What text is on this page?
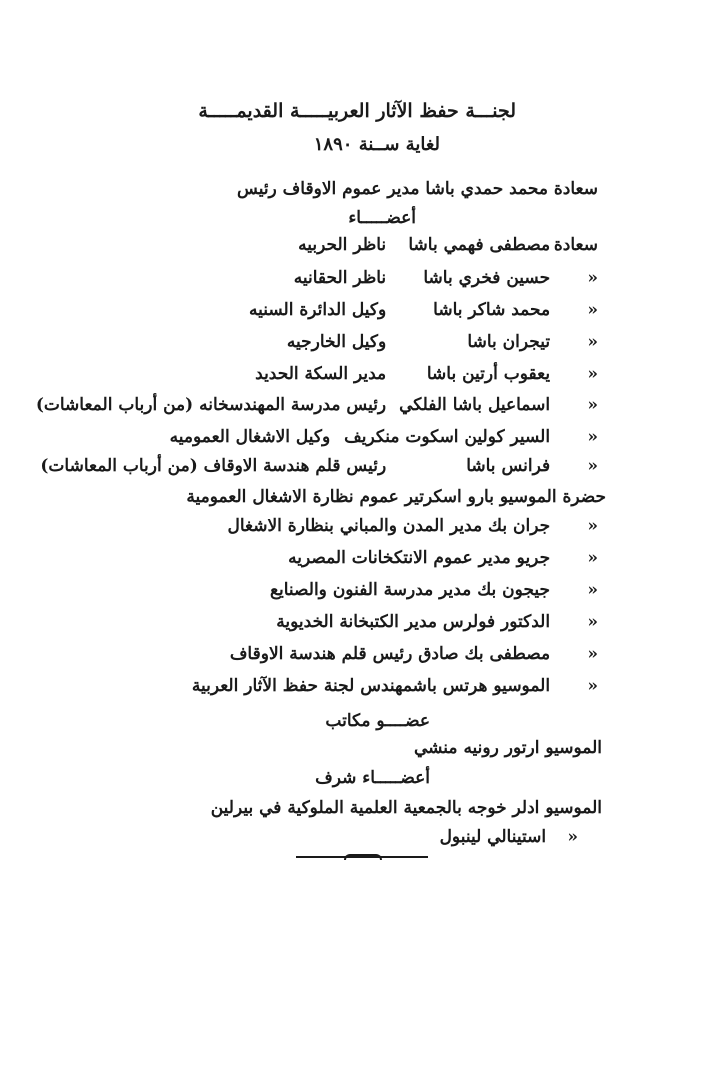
لجنـــة حفظ الآثار العربيـــــة القديمـــــة
لغاية ســنة ١٨٩٠
سعادة محمد حمدي باشا مدير عموم الاوقاف رئيس
أعضـــــاء
سعادة مصطفى فهمي باشا ناظر الحربيه
« حسين فخري باشا ناظر الحقانيه
« محمد شاكر باشا وكيل الدائرة السنيه
« تيجران باشا وكيل الخارجيه
« يعقوب أرتين باشا مدير السكة الحديد
« اسماعيل باشا الفلكي رئيس مدرسة المهندسخانه (من أرباب المعاشات)
« السير كولين اسكوت منكريف وكيل الاشغال العموميه
« فرانس باشا رئيس قلم هندسة الاوقاف (من أرباب المعاشات)
حضرة الموسيو بارو اسكرتير عموم نظارة الاشغال العمومية
« جران بك مدير المدن والمباني بنظارة الاشغال
« جريو مدير عموم الانتكخانات المصريه
« جيجون بك مدير مدرسة الفنون والصنايع
« الدكتور فولرس مدير الكتبخانة الخديوية
« مصطفى بك صادق رئيس قلم هندسة الاوقاف
« الموسيو هرتس باشمهندس لجنة حفظ الآثار العربية
عضــــو مكاتب
الموسيو ارتور رونيه منشي
أعضـــــاء شرف
الموسيو ادلر خوجه بالجمعية العلمية الملوكية في بيرلين
« استينالي لينبول
